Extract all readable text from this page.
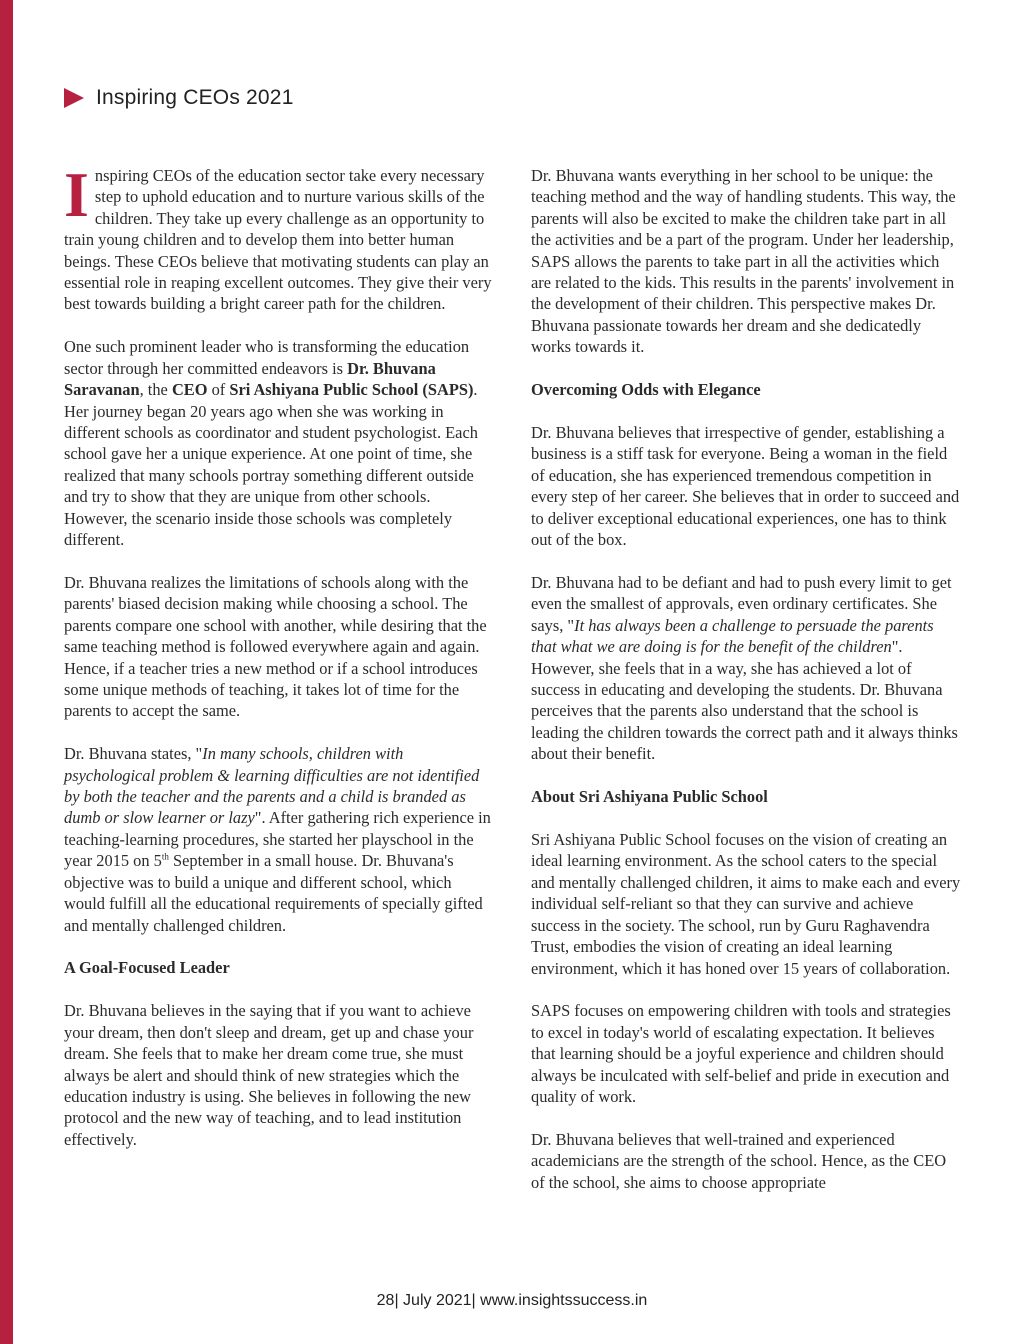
Inspiring CEOs 2021

Inspiring CEOs of the education sector take every necessary step to uphold education and to nurture various skills of the children. They take up every challenge as an opportunity to train young children and to develop them into better human beings. These CEOs believe that motivating students can play an essential role in reaping excellent outcomes. They give their very best towards building a bright career path for the children.

One such prominent leader who is transforming the education sector through her committed endeavors is Dr. Bhuvana Saravanan, the CEO of Sri Ashiyana Public School (SAPS). Her journey began 20 years ago when she was working in different schools as coordinator and student psychologist. Each school gave her a unique experience. At one point of time, she realized that many schools portray something different outside and try to show that they are unique from other schools. However, the scenario inside those schools was completely different.

Dr. Bhuvana realizes the limitations of schools along with the parents' biased decision making while choosing a school. The parents compare one school with another, while desiring that the same teaching method is followed everywhere again and again. Hence, if a teacher tries a new method or if a school introduces some unique methods of teaching, it takes lot of time for the parents to accept the same.

Dr. Bhuvana states, "In many schools, children with psychological problem & learning difficulties are not identified by both the teacher and the parents and a child is branded as dumb or slow learner or lazy". After gathering rich experience in teaching-learning procedures, she started her playschool in the year 2015 on 5th September in a small house. Dr. Bhuvana's objective was to build a unique and different school, which would fulfill all the educational requirements of specially gifted and mentally challenged children.

A Goal-Focused Leader

Dr. Bhuvana believes in the saying that if you want to achieve your dream, then don't sleep and dream, get up and chase your dream. She feels that to make her dream come true, she must always be alert and should think of new strategies which the education industry is using. She believes in following the new protocol and the new way of teaching, and to lead institution effectively.

Dr. Bhuvana wants everything in her school to be unique: the teaching method and the way of handling students. This way, the parents will also be excited to make the children take part in all the activities and be a part of the program. Under her leadership, SAPS allows the parents to take part in all the activities which are related to the kids. This results in the parents' involvement in the development of their children. This perspective makes Dr. Bhuvana passionate towards her dream and she dedicatedly works towards it.

Overcoming Odds with Elegance

Dr. Bhuvana believes that irrespective of gender, establishing a business is a stiff task for everyone. Being a woman in the field of education, she has experienced tremendous competition in every step of her career. She believes that in order to succeed and to deliver exceptional educational experiences, one has to think out of the box.

Dr. Bhuvana had to be defiant and had to push every limit to get even the smallest of approvals, even ordinary certificates. She says, "It has always been a challenge to persuade the parents that what we are doing is for the benefit of the children". However, she feels that in a way, she has achieved a lot of success in educating and developing the students. Dr. Bhuvana perceives that the parents also understand that the school is leading the children towards the correct path and it always thinks about their benefit.

About Sri Ashiyana Public School

Sri Ashiyana Public School focuses on the vision of creating an ideal learning environment. As the school caters to the special and mentally challenged children, it aims to make each and every individual self-reliant so that they can survive and achieve success in the society. The school, run by Guru Raghavendra Trust, embodies the vision of creating an ideal learning environment, which it has honed over 15 years of collaboration.

SAPS focuses on empowering children with tools and strategies to excel in today's world of escalating expectation. It believes that learning should be a joyful experience and children should always be inculcated with self-belief and pride in execution and quality of work.

Dr. Bhuvana believes that well-trained and experienced academicians are the strength of the school. Hence, as the CEO of the school, she aims to choose appropriate

28| July 2021| www.insightssuccess.in
